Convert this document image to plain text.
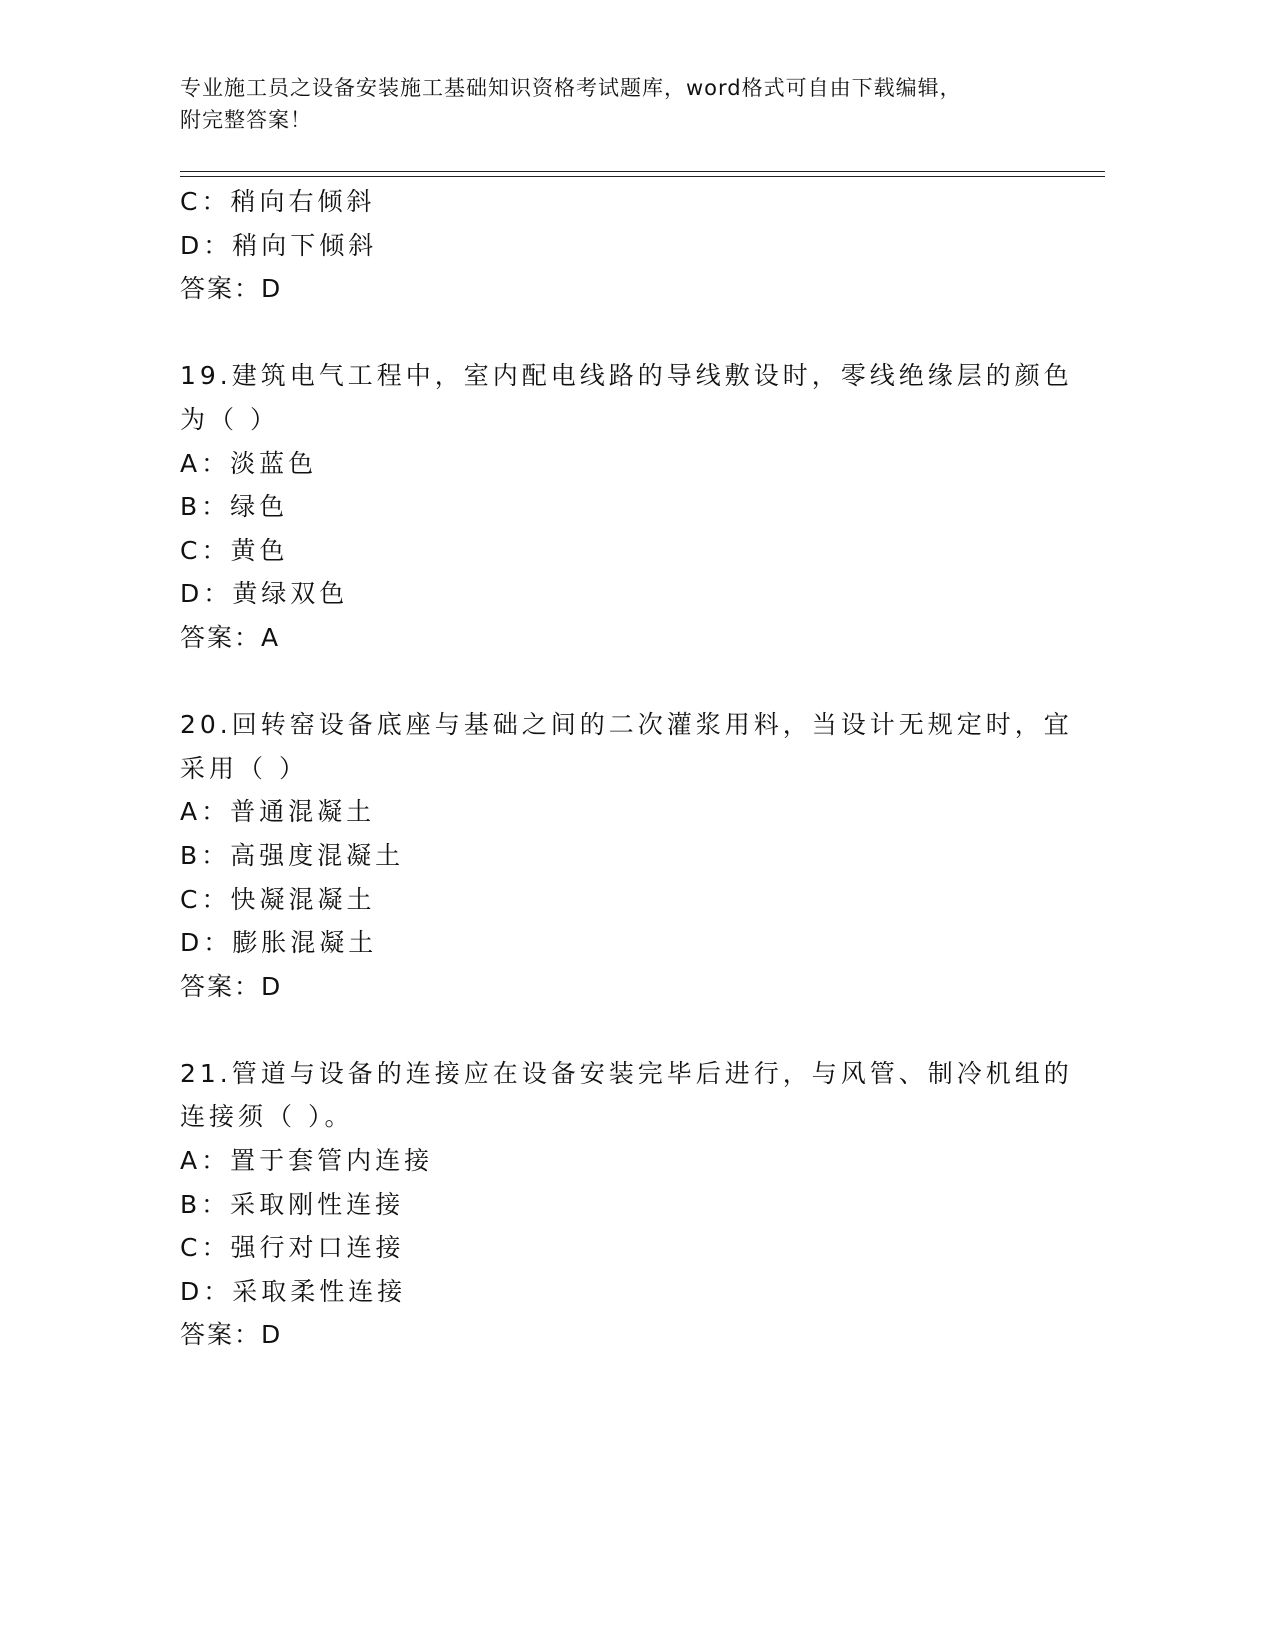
专业施工员之设备安装施工基础知识资格考试题库，word格式可自由下载编辑，
附完整答案！
C：稍向右倾斜
D：稍向下倾斜
答案：D
19.建筑电气工程中，室内配电线路的导线敷设时，零线绝缘层的颜色
为（ ）
A：淡蓝色
B：绿色
C：黄色
D：黄绿双色
答案：A
20.回转窑设备底座与基础之间的二次灌浆用料，当设计无规定时，宜
采用（ ）
A：普通混凝土
B：高强度混凝土
C：快凝混凝土
D：膨胀混凝土
答案：D
21.管道与设备的连接应在设备安装完毕后进行，与风管、制冷机组的
连接须（ ）。
A：置于套管内连接
B：采取刚性连接
C：强行对口连接
D：采取柔性连接
答案：D
